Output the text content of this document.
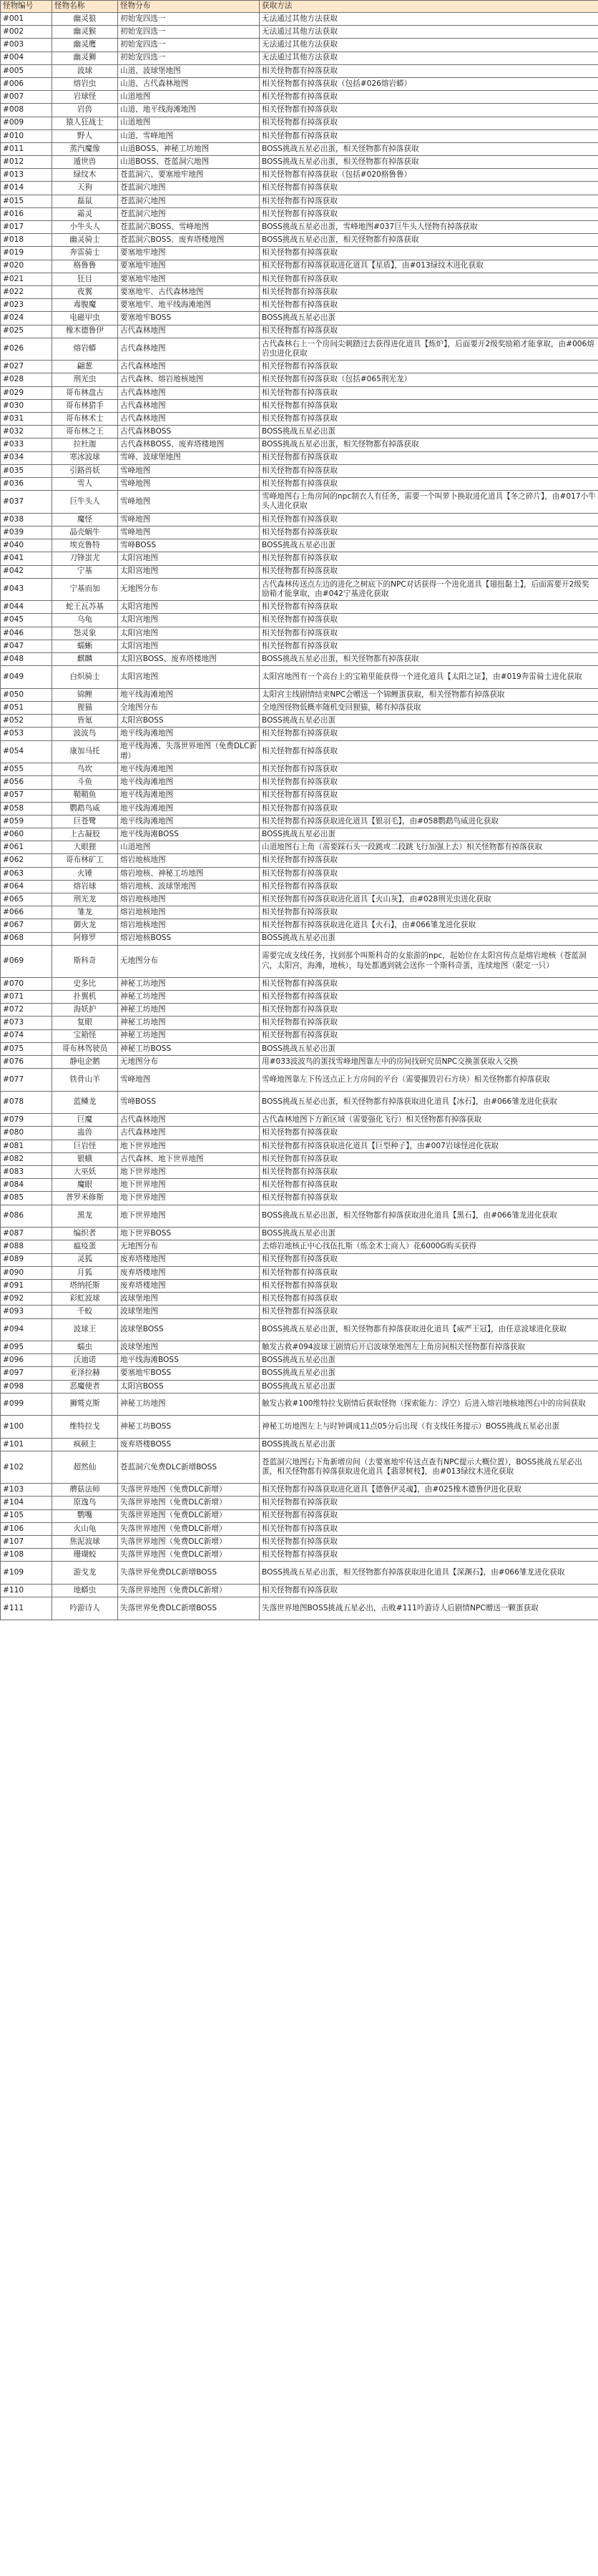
怪物编号	怪物名称	怪物分布	获取方法
#001	幽灵狼	初始宠四选一	无法通过其他方法获取
#002	幽灵猴	初始宠四选一	无法通过其他方法获取
#003	幽灵鹰	初始宠四选一	无法通过其他方法获取
#004	幽灵狮	初始宠四选一	无法通过其他方法获取
#005	波球	山道、波球堡地图	相关怪物都有掉落获取
#006	熔岩虫	山道、古代森林地图	相关怪物都有掉落获取（包括#026熔岩蟒）
#007	岩球怪	山道地图	相关怪物都有掉落获取
#008	岩兽	山道、地平线海滩地图	相关怪物都有掉落获取
#009	猿人狂战士	山道地图	相关怪物都有掉落获取
#010	野人	山道、雪峰地图	相关怪物都有掉落获取
#011	蒸汽魔像	山道BOSS、神秘工坊地图	BOSS挑战五星必出蛋，相关怪物都有掉落获取
#012	遁世兽	山道BOSS、苍蓝洞穴地图	BOSS挑战五星必出蛋，相关怪物都有掉落获取
#013	绿纹木	苍蓝洞穴、要塞地牢地图	相关怪物都有掉落获取（包括#020格鲁鲁）
#014	天狗	苍蓝洞穴地图	相关怪物都有掉落获取
#015	磊鼠	苍蓝洞穴地图	相关怪物都有掉落获取
#016	霜灵	苍蓝洞穴地图	相关怪物都有掉落获取
#017	小牛头人	苍蓝洞穴BOSS、雪峰地图	BOSS挑战五星必出蛋，雪峰地图#037巨牛头人怪物有掉落获取
#018	幽灵骑士	苍蓝洞穴BOSS、废弃塔楼地图	BOSS挑战五星必出蛋，相关怪物都有掉落获取
#019	奔雷骑士	要塞地牢地图	相关怪物都有掉落获取
#020	格鲁鲁	要塞地牢地图	相关怪物都有掉落获取进化道具【星盾】，由#013绿纹木进化获取
#021	狂目	要塞地牢地图	相关怪物都有掉落获取
#022	夜翼	要塞地牢、古代森林地图	相关怪物都有掉落获取
#023	毒腹魔	要塞地牢、地平线海滩地图	相关怪物都有掉落获取
#024	电磁甲虫	要塞地牢BOSS	BOSS挑战五星必出蛋
#025	橡木德鲁伊	古代森林地图	相关怪物都有掉落获取
#026	熔岩蟒	古代森林地图	古代森林右上一个房间尖刺踏过去获得进化道具【炼炉】，后面要开2级奖励箱才能拿取，由#006熔岩虫进化获取
#027	翩葱	古代森林地图	相关怪物都有掉落获取
#028	荆光虫	古代森林、熔岩地核地图	相关怪物都有掉落获取（包括#065荆光龙）
#029	哥布林盘古	古代森林地图	相关怪物都有掉落获取
#030	哥布林猎手	古代森林地图	相关怪物都有掉落获取
#031	哥布林术士	古代森林地图	相关怪物都有掉落获取
#032	哥布林之王	古代森林BOSS	BOSS挑战五星必出蛋
#033	拉杜迦	古代森林BOSS、废弃塔楼地图	BOSS挑战五星必出蛋，相关怪物都有掉落获取
#034	寒冰波球	雪峰、波球堡地图	相关怪物都有掉落获取
#035	引路兽妖	雪峰地图	相关怪物都有掉落获取
#036	雪人	雪峰地图	相关怪物都有掉落获取
#037	巨牛头人	雪峰地图	雪峰地图右上角房间的npc制衣人有任务，需要一个叫萝卜换取进化道具【冬之碎片】，由#017小牛头人进化获取
#038	魔怪	雪峰地图	相关怪物都有掉落获取
#039	晶壳蜗牛	雪峰地图	相关怪物都有掉落获取
#040	埃克鲁特	雪峰BOSS	BOSS挑战五星必出蛋
#041	刀锋蚩尤	太阳宫地图	相关怪物都有掉落获取
#042	宁基	太阳宫地图	相关怪物都有掉落获取
#043	宁基而加	无地图分布	古代森林传送点左边的进化之树底下的NPC对话获得一个进化道具【翅扭黏土】，后面需要开2级奖励箱才能拿取，由#042宁基进化获取
#044	蛇王瓦苏基	太阳宫地图	相关怪物都有掉落获取
#045	乌龟	太阳宫地图	相关怪物都有掉落获取
#046	怨灵象	太阳宫地图	相关怪物都有掉落获取
#047	蠕蜥	太阳宫地图	相关怪物都有掉落获取
#048	麒麟	太阳宫BOSS、废弃塔楼地图	BOSS挑战五星必出蛋，相关怪物都有掉落获取
#049	白炽骑士	太阳宫地图	太阳宫地图有一个高台上的宝箱里能获得一个进化道具【太阳之证】，由#019奔雷骑士进化获取
#050	锦鲤	地平线海滩地图	太阳宫主线剧情结束NPC会赠送一个锦鲤蛋获取，相关怪物都有掉落获取
#051	狸猫	全地图分布	全地图怪物低概率随机变回狸猫，稀有掉落获取
#052	皆氪	太阳宫BOSS	BOSS挑战五星必出蛋
#053	波波鸟	地平线海滩地图	相关怪物都有掉落获取
#054	康加马托	地平线海滩、失落世界地图（免费DLC新增）	相关怪物都有掉落获取
#055	鸟坎	地平线海滩地图	相关怪物都有掉落获取
#056	斗鱼	地平线海滩地图	相关怪物都有掉落获取
#057	鞘鞘鱼	地平线海滩地图	相关怪物都有掉落获取
#058	鹦鹉鸟威	地平线海滩地图	相关怪物都有掉落获取
#059	巨苍鹭	地平线海滩地图	相关怪物都有掉落获取进化道具【银羽毛】，由#058鹦鹉鸟威进化获取
#060	上古凝胶	地平线海滩BOSS	BOSS挑战五星必出蛋
#061	大眼狸	山道地图	山道地图右上角（需要踩石头一段跳或二段跳飞行加强上去）相关怪物都有掉落获取
#062	哥布林矿工	熔岩地核地图	相关怪物都有掉落获取
#063	火锤	熔岩地核、神秘工坊地图	相关怪物都有掉落获取
#064	熔岩球	熔岩地核、波球堡地图	相关怪物都有掉落获取
#065	荆光龙	熔岩地核地图	相关怪物都有掉落获取进化道具【火山灰】，由#028荆光虫进化获取
#066	雏龙	熔岩地核地图	相关怪物都有掉落获取
#067	御火龙	熔岩地核地图	相关怪物都有掉落获取进化道具【火石】，由#066雏龙进化获取
#068	阿修罗	熔岩地核BOSS	BOSS挑战五星必出蛋
#069	斯科奇	无地图分布	需要完成支线任务，找到那个叫斯科奇的女旅游的npc，起始位在太阳宫传点是熔岩地核（苍蓝洞穴，太阳宫，海滩，地核），每处都遇到就会送你一个斯科奇蛋，连续地图（限定一只）
#070	史多比	神秘工坊地图	相关怪物都有掉落获取
#071	扑翼机	神秘工坊地图	相关怪物都有掉落获取
#072	海妖护	神秘工坊地图	相关怪物都有掉落获取
#073	复眼	神秘工坊地图	相关怪物都有掉落获取
#074	宝箱怪	神秘工坊地图	相关怪物都有掉落获取
#075	哥布林驾驶员	神秘工坊BOSS	BOSS挑战五星必出蛋
#076	静电企鹅	无地图分布	用#033波波鸟的蛋找雪峰地图靠左中的房间找研究员NPC交换蛋获取入交换
#077	铁骨山羊	雪峰地图	雪峰地图靠左下传送点正上方房间的平台（需要摧毁岩石方块）相关怪物都有掉落获取
#078	蓝鳞龙	雪峰BOSS	BOSS挑战五星必出蛋，相关怪物都有掉落获取进化道具【冰石】，由#066雏龙进化获取
#079	巨魔	古代森林地图	古代森林地图下方新区域（需要强化飞行）相关怪物都有掉落获取
#080	蛊兽	古代森林地图	相关怪物都有掉落获取
#081	巨岩怪	地下世界地图	相关怪物都有掉落获取进化道具【巨型种子】，由#007岩球怪进化获取
#082	银蛾	古代森林、地下世界地图	相关怪物都有掉落获取
#083	大巫妖	地下世界地图	相关怪物都有掉落获取
#084	魔眼	地下世界地图	相关怪物都有掉落获取
#085	普罗米修斯	地下世界地图	相关怪物都有掉落获取
#086	黑龙	地下世界地图	BOSS挑战五星必出蛋，相关怪物都有掉落获取进化道具【黑石】，由#066雏龙进化获取
#087	编织者	地下世界BOSS	BOSS挑战五星必出蛋
#088	瘟疫蛋	无地图分布	去熔岩地核正中心找伍扎斯（炼金术士商人）花6000G购买获得
#089	灵狐	废弃塔楼地图	相关怪物都有掉落获取
#090	月狐	废弃塔楼地图	相关怪物都有掉落获取
#091	塔纳托斯	废弃塔楼地图	相关怪物都有掉落获取
#092	彩虹波球	波球堡地图	相关怪物都有掉落获取
#093	千蛟	波球堡地图	相关怪物都有掉落获取
#094	波球王	波球堡BOSS	BOSS挑战五星必出蛋，相关怪物都有掉落获取进化道具【威严王冠】，由任意波球进化获取
#095	蠕虫	波球堡地图	触发古救#094波球王剧情后开启波球堡地图左上角房间相关怪物都有掉落获取
#096	沃迪诺	地平线海滩BOSS	BOSS挑战五星必出蛋
#097	亚泽拉赫	要塞地牢BOSS	BOSS挑战五星必出蛋
#098	恶魔使者	太阳宫BOSS	BOSS挑战五星必出蛋
#099	狮鹫克斯	神秘工坊地图	触发古救#100维特拉戈剧情后获取怪物（探索能力：浮空）后进入熔岩地核地图右中的房间获取
#100	维特拉戈	神秘工坊BOSS	神秘工坊地图左上与时钟调成11点05分后出现（有支线任务提示）BOSS挑战五星必出蛋
#101	疯顿主	废弃塔楼BOSS	BOSS挑战五星必出蛋
#102	超然仙	苍蓝洞穴免费DLC新增BOSS	苍蓝洞穴地图右下角新增房间（去要塞地牢传送点查有NPC提示大概位置），BOSS挑战五星必出蛋，相关怪物都有掉落获取进化道具【翡翠树枝】，由#013绿纹木进化获取
#103	蘑菇法师	失落世界地图（免费DLC新增）	相关怪物都有掉落获取进化道具【德鲁伊灵魂】，由#025橡木德鲁伊进化获取
#104	原逸鸟	失落世界地图（免费DLC新增）	相关怪物都有掉落获取
#105	鹦嘴	失落世界地图（免费DLC新增）	相关怪物都有掉落获取
#106	火山龟	失落世界地图（免费DLC新增）	相关怪物都有掉落获取
#107	焦泥波球	失落世界地图（免费DLC新增）	相关怪物都有掉落获取
#108	珊瑚蛟	失落世界地图（免费DLC新增）	相关怪物都有掉落获取
#109	游戈龙	失落世界免费DLC新增BOSS	BOSS挑战五星必出蛋，相关怪物都有掉落获取进化道具【深渊石】，由#066雏龙进化获取
#110	地蟒虫	失落世界地图（免费DLC新增）	相关怪物都有掉落获取
#111	吟游诗人	失落世界免费DLC新增BOSS	失落世界地图BOSS挑战五星必出，击败#111吟游诗人后剧情NPC赠送一颗蛋获取
